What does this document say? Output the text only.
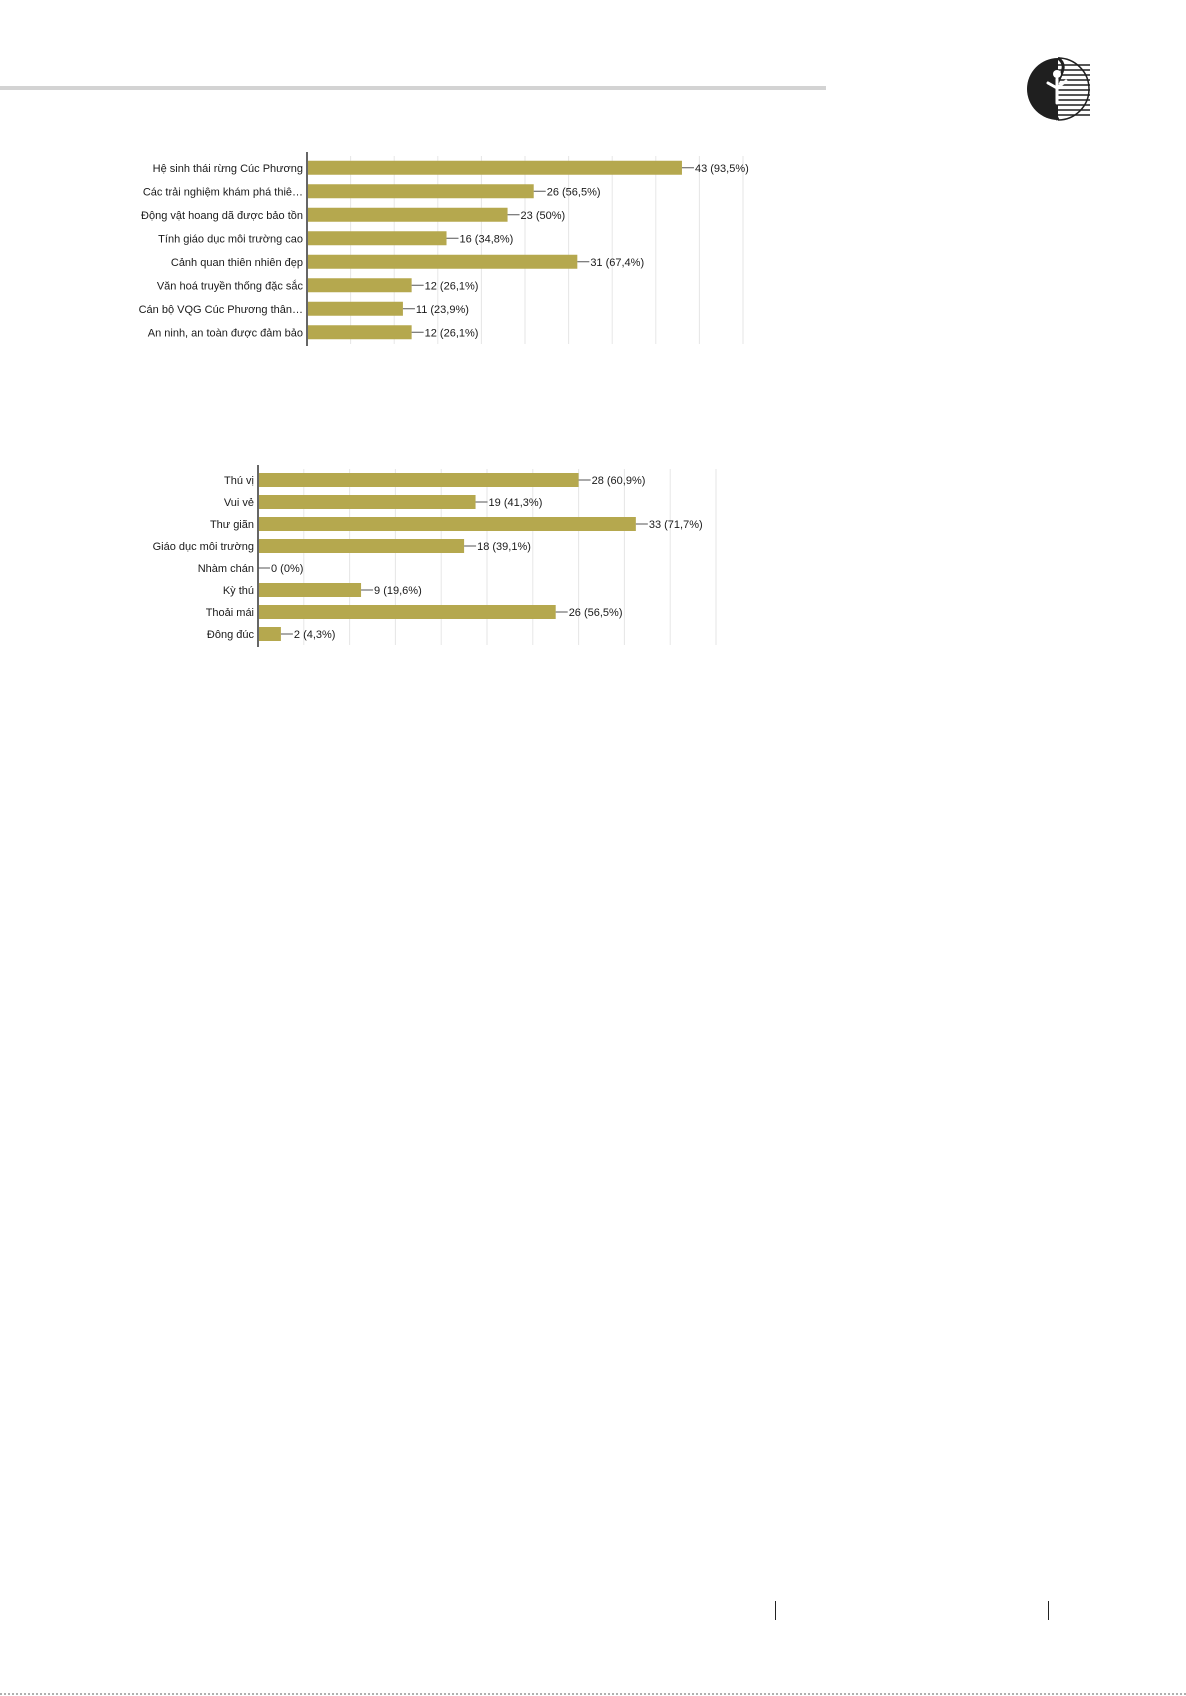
Hệ sinh thái rừng Cúc Phương	43 (93,5%)
Các trải nghiệm khám phá thiê…	26 (56,5%)
Động vật hoang dã được bảo tồn	23 (50%)
Tính giáo dục môi trường cao	16 (34,8%)
Cảnh quan thiên nhiên đẹp	31 (67,4%)
Văn hoá truyền thống đặc sắc	12 (26,1%)
Cán bộ VQG Cúc Phương thân…	11 (23,9%)
An ninh, an toàn được đảm bảo	12 (26,1%)
Thú vị	28 (60,9%)
Vui vẻ	19 (41,3%)
Thư giãn	33 (71,7%)
Giáo dục môi trường	18 (39,1%)
Nhàm chán 0 (0%)
Kỳ thú	9 (19,6%)
Thoải mái	26 (56,5%)
Đông đúc	2 (4,3%)
